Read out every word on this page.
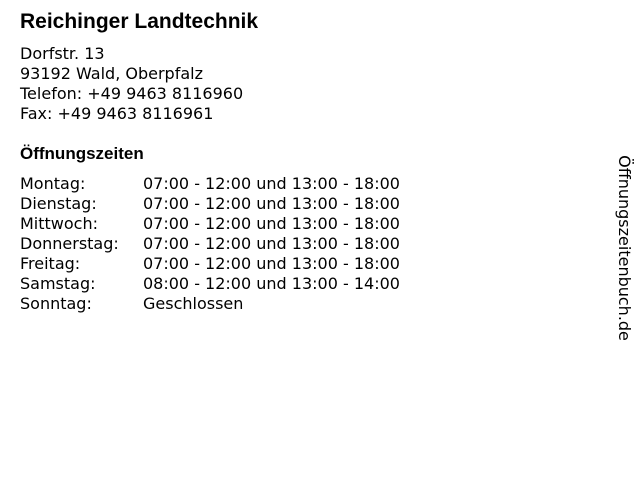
Reichinger Landtechnik
Dorfstr. 13
93192 Wald, Oberpfalz
Telefon: +49 9463 8116960
Fax: +49 9463 8116961
Öffnungszeiten
Montag:	07:00 - 12:00 und 13:00 - 18:00
Dienstag:	07:00 - 12:00 und 13:00 - 18:00
Mittwoch:	07:00 - 12:00 und 13:00 - 18:00
Donnerstag:	07:00 - 12:00 und 13:00 - 18:00
Freitag:	07:00 - 12:00 und 13:00 - 18:00
Samstag:	08:00 - 12:00 und 13:00 - 14:00
Sonntag:	Geschlossen	Öffnungszeitenbuch.de
